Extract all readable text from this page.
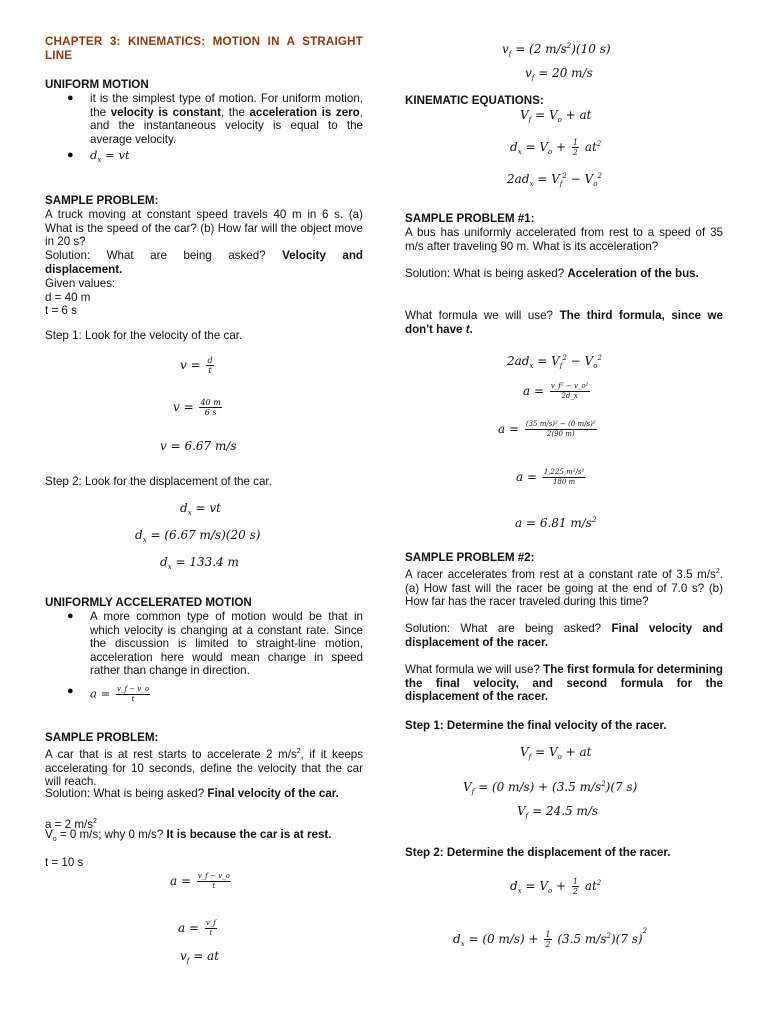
CHAPTER 3: KINEMATICS: MOTION IN A STRAIGHT LINE
UNIFORM MOTION
● it is the simplest type of motion. For uniform motion, the velocity is constant, the acceleration is zero, and the instantaneous velocity is equal to the average velocity.
● $d_x$ = vt
SAMPLE PROBLEM:

A truck moving at constant speed travels 40 m in 6 s. (a) What is the speed of the car? (b) How far will the object move in 20 s?

Solution: What are being asked? Velocity and displacement.

Given values:

d = 40 m

t = 6 s

Step 1: Look for the velocity of the car.

$v = \frac{d}{t}$
$v = \frac{40 m}{6 s}$
v = 6.67 m/s

Step 2: Look for the displacement of the car.

$d_x$ = vt
$d_x = (6.67$ m/s)(20 s)
$d_x = 133.4$ m
UNIFORMLY ACCELERATED MOTION
● A more common type of motion would be that in which velocity is changing at a constant rate. Since the discussion is limited to straight-line motion, acceleration here would mean change in speed rather than change in direction.
● $a = \frac{v\_f - v\_o}{t}$
SAMPLE PROBLEM:

A car that is at rest starts to accelerate 2 $m/s^2$, if it keeps accelerating for 10 seconds, define the velocity that the car will reach.

Solution: What is being asked? Final velocity of the car.

a = 2 $m/s^2$

$V_o = 0$ m/s; why 0 m/s? It is because the car is at rest.

t = 10 s

$a = \frac{v\_f - v\_o}{t}$
$a = \frac{v\_f}{t}$
$v_f$ = at
$v_f = (2$ $m/s^2)(10$ s)
$v_f = 20$ m/s
KINEMATIC EQUATIONS:
$V_f = V_o$ + at
$d_x = V_o + \frac{1}{2} at^2$
$2ad_x = V_f^2 - V_o^2$
SAMPLE PROBLEM #1:

A bus has uniformly accelerated from rest to a speed of 35 m/s after traveling 90 m. What is its acceleration?

Solution: What is being asked? Acceleration of the bus.

What formula we will use? The third formula, since we don't have t.

$2ad_x = V_f^2 - V_o^2$
$a = \frac{\text{v\_f² − v\_o²}}{2d\_x}$
$a = \frac{\text{(35 m/s)² − (0 m/s)²}}{2(90 m)}$
$a = \frac{\text{1,225 m²/s²}}{180 m}$
a = 6.81 $m/s^2$
SAMPLE PROBLEM #2:

A racer accelerates from rest at a constant rate of 3.5 $m/s^2$. (a) How fast will the racer be going at the end of 7.0 s? (b) How far has the racer traveled during this time?

Solution: What are being asked? Final velocity and displacement of the racer.

What formula we will use? The first formula for determining the final velocity, and second formula for the displacement of the racer.

Step 1: Determine the final velocity of the racer.

$V_f = V_o$ + at
$V_f = (0$ m/s) + (3.5 $m/s^2)(7$ s)
$V_f = 24.5$ m/s

Step 2: Determine the displacement of the racer.

$d_x = V_o + \frac{1}{2} at^2$
$d_x = (0$ $m/s) + \frac{1}{2} (3.5$ $m/s^2)(7$ s)$^2$
